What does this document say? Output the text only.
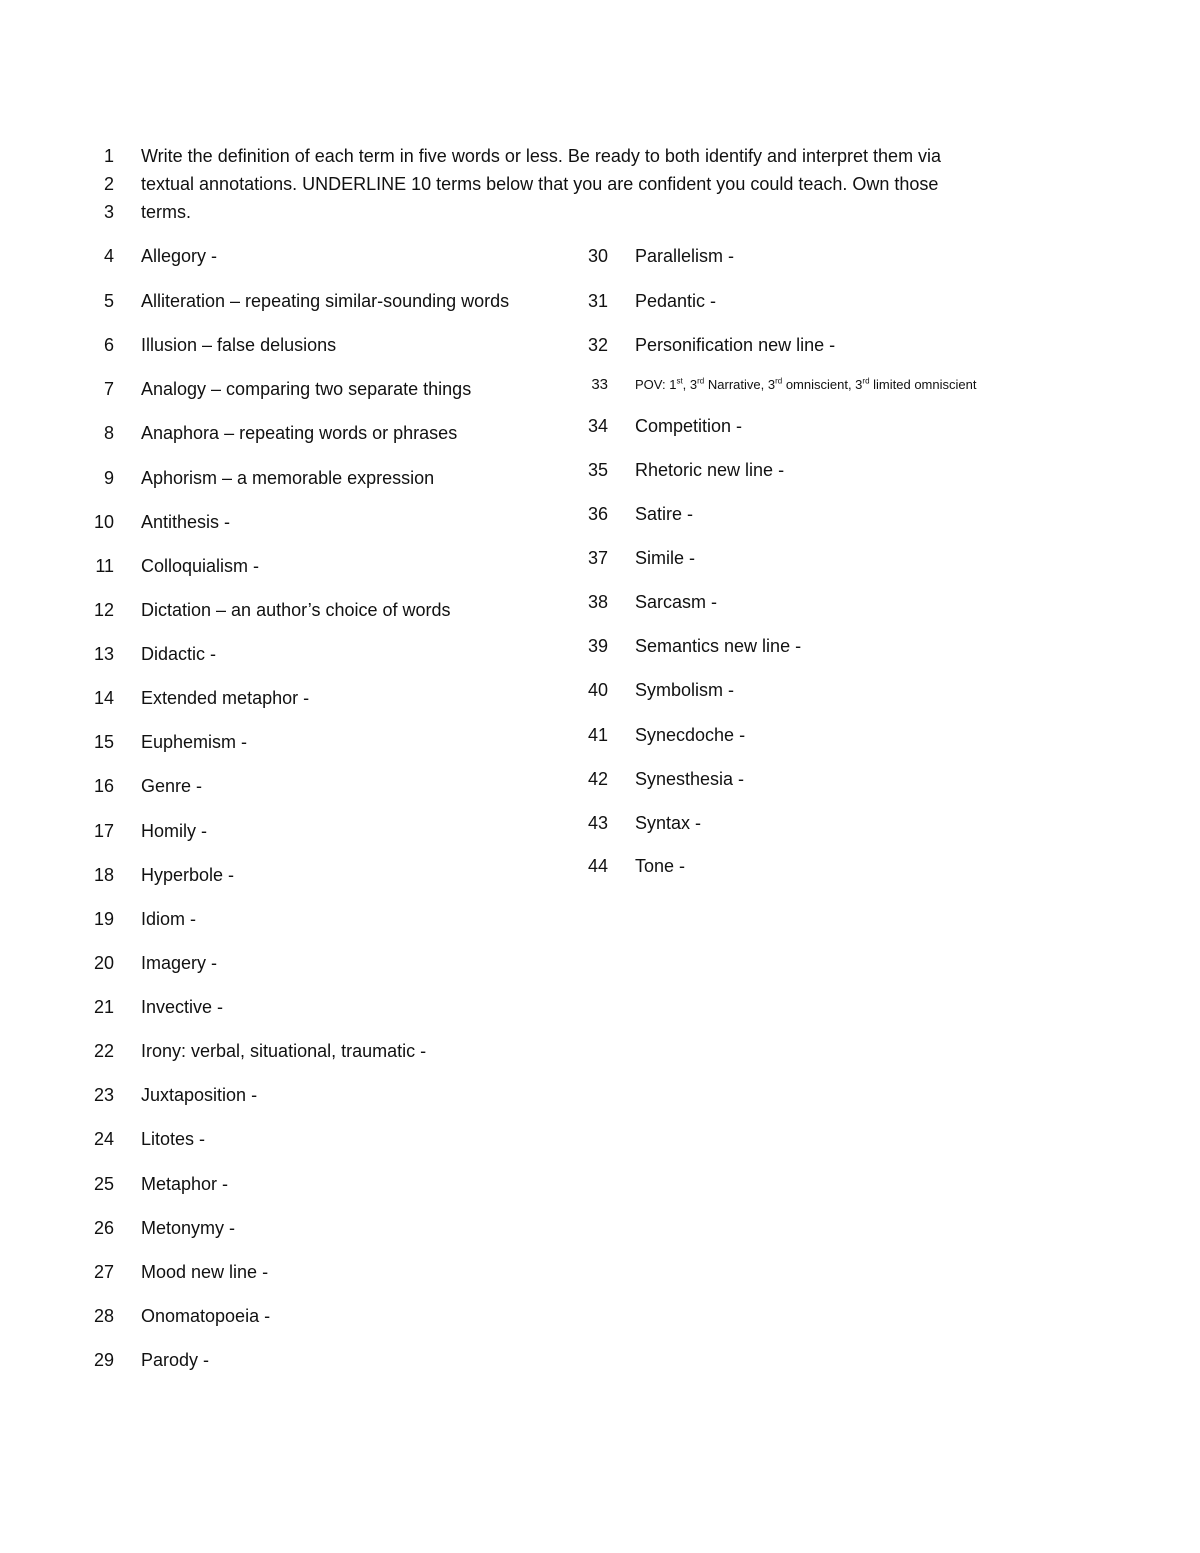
1 Write the definition of each term in five words or less. Be ready to both identify and interpret them via
2 textual annotations. UNDERLINE 10 terms below that you are confident you could teach. Own those
3 terms.
4 Allegory -
5 Alliteration – repeating similar-sounding words
6 Illusion – false delusions
7 Analogy – comparing two separate things
8 Anaphora – repeating words or phrases
9 Aphorism – a memorable expression
10 Antithesis -
11 Colloquialism -
12 Dictation – an author’s choice of words
13 Didactic -
14 Extended metaphor -
15 Euphemism -
16 Genre -
17 Homily -
18 Hyperbole -
19 Idiom -
20 Imagery -
21 Invective -
22 Irony: verbal, situational, traumatic -
23 Juxtaposition -
24 Litotes -
25 Metaphor -
26 Metonymy -
27 Mood new line -
28 Onomatopoeia -
29 Parody -
30 Parallelism -
31 Pedantic -
32 Personification new line -
33 POV: 1st, 3rd Narrative, 3rd omniscient, 3rd limited omniscient
34 Competition -
35 Rhetoric new line -
36 Satire -
37 Simile -
38 Sarcasm -
39 Semantics new line -
40 Symbolism -
41 Synecdoche -
42 Synesthesia -
43 Syntax -
44 Tone -
